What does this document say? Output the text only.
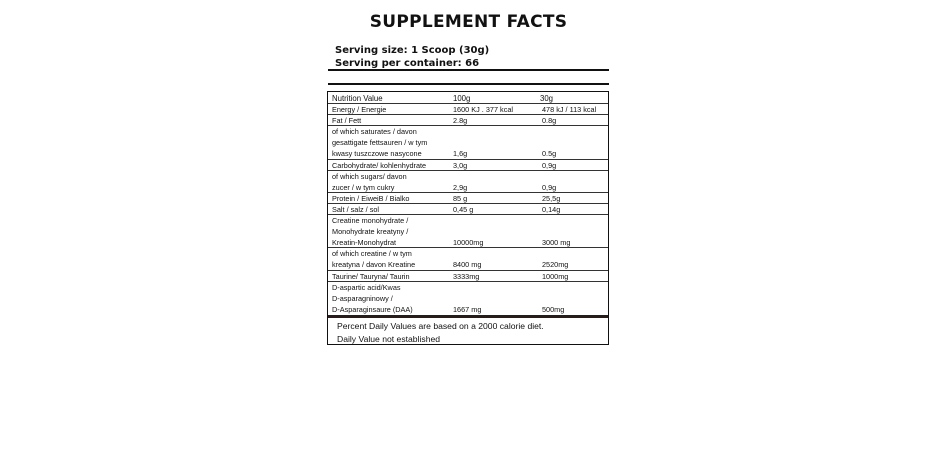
SUPPLEMENT FACTS
Serving size: 1 Scoop (30g)
Serving per container: 66
Nutrition Value	100g	30g
Energy / Energie	1600 KJ . 377 kcal	478 kJ / 113 kcal
Fat / Fett	2.8g	0.8g
of which saturates / davon
gesattigate fettsauren / w tym
kwasy tuszczowe nasycone	1,6g	0.5g
Carbohydrate/ kohlenhydrate	3,0g	0,9g
of which sugars/ davon
zucer / w tym cukry	2,9g	0,9g
Protein / EiweiB / Bialko	85 g	25,5g
Salt / salz / sol	0,45 g	0,14g
Creatine monohydrate /
Monohydrate kreatyny /
Kreatin-Monohydrat	10000mg	3000 mg
of which creatine / w tym
kreatyna / davon Kreatine	8400 mg	2520mg
Taurine/ Tauryna/ Taurin	3333mg	1000mg
D-aspartic acid/Kwas
D-asparagninowy /
D-Asparaginsaure (DAA)	1667 mg	500mg
Percent Daily Values are based on a 2000 calorie diet.
Daily Value not established
